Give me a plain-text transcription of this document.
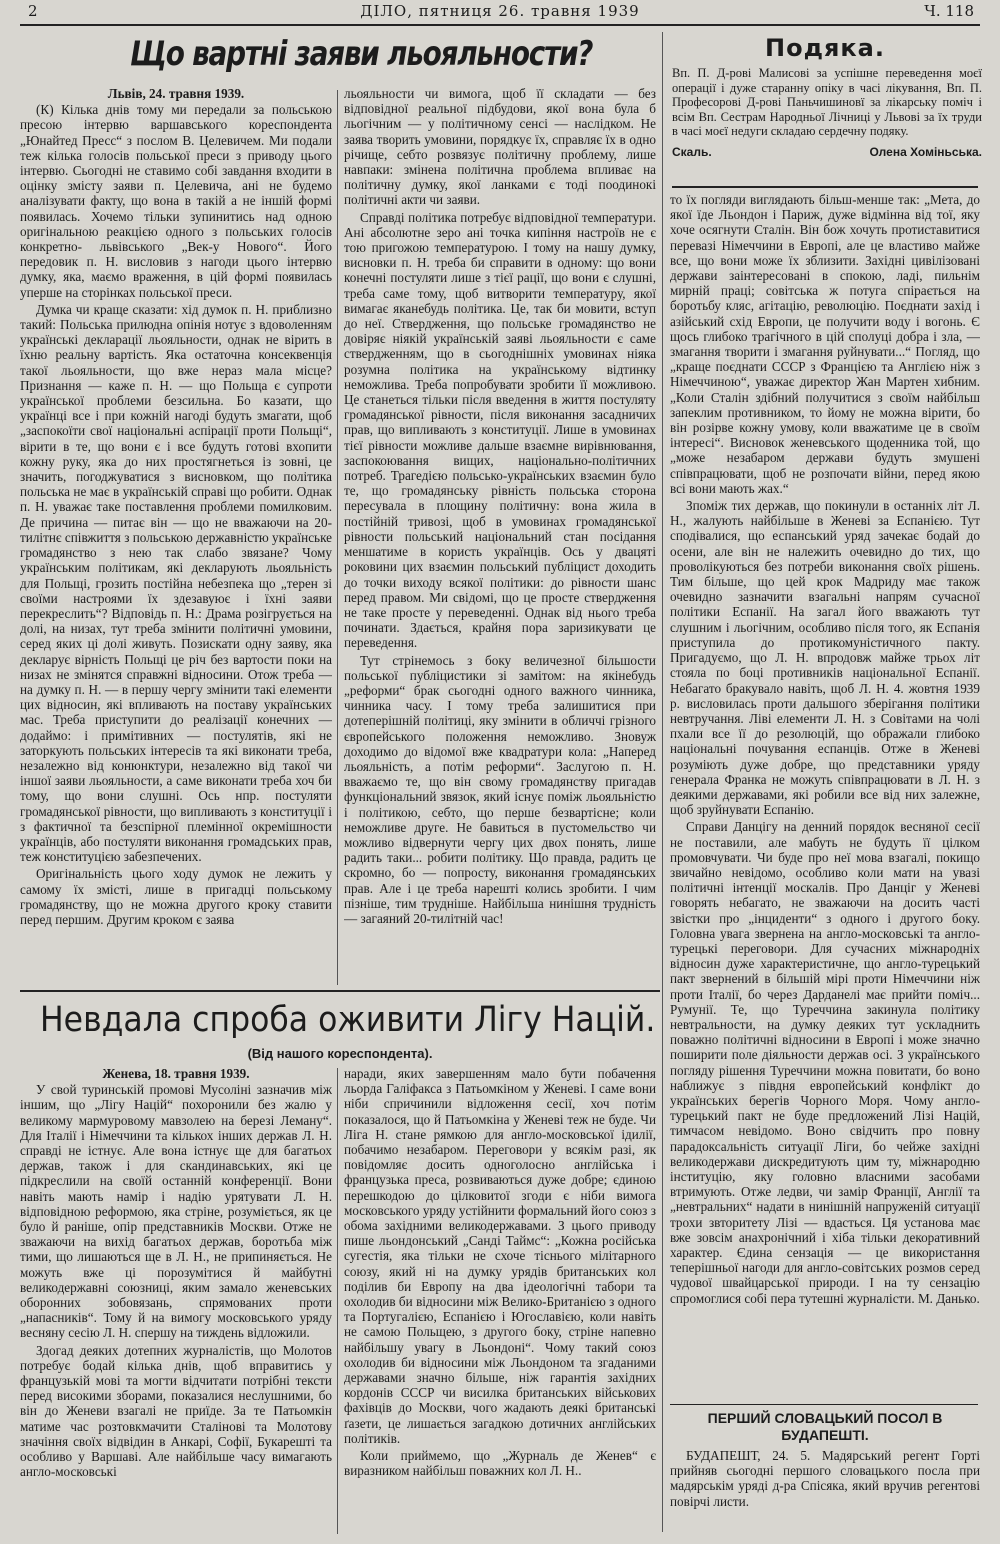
2	ДІЛО, пятниця 26. травня 1939	Ч. 118
Що вартні заяви льояльности?

Львів, 24. травня 1939.

(К) Кілька днів тому ми передали за польською пресою інтервю варшавського кореспондента „Юнайтед Пресс“ з послом В. Целевичем. Ми подали теж кілька голосів польської преси з приводу цього інтервю. Сьогодні не ставимо собі завдання входити в оцінку змісту заяви п. Целевича, ані не будемо аналізувати факту, що вона в такій а не іншій формі появилась. Хочемо тільки зупинитись над одною оригінальною реакцією одного з польських голосів конкретно- львівського „Век-у Нового“. Його передовик п. Н. висловив з нагоди цього інтервю думку, яка, маємо враження, в цій формі появилась уперше на сторінках польської преси.

Думка чи краще сказати: хід думок п. Н. приблизно такий: Польська прилюдна опінія нотує з вдоволенням українські декларації льояльности, однак не вірить в їхню реальну вартість. Яка остаточна консеквенція такої льояльности, що вже нераз мала місце? Признання — каже п. Н. — що Польща є супроти української проблеми безсильна. Бо казати, що українці все і при кожній нагоді будуть змагати, щоб „заспокоїти свої національні аспірації проти Польщі“, вірити в те, що вони є і все будуть готові вхопити кожну руку, яка до них простягнеться із зовні, це значить, погоджуватися з висновком, що політика польська не має в українській справі що робити. Однак п. Н. уважає таке поставлення проблеми помилковим. Де причина — питає він — що не вважаючи на 20-тилітнє співжиття з польською державністю українське громадянство з нею так слабо звязане? Чому українським політикам, які декларують льояльність для Польщі, грозить постійна небезпека що „терен зі своїми настроями їх здезавуює і їхні заяви перекреслить“? Відповідь п. Н.: Драма розігрується на долі, на низах, тут треба змінити політичні умовини, серед яких ці долі живуть. Позискати одну заяву, яка декларує вірність Польщі це річ без вартости поки на низах не змінятся справжні відносини. Отож треба — на думку п. Н. — в першу чергу змінити такі елементи цих відносин, які впливають на поставу українських мас. Треба приступити до реалізації конечних — додаймо: і примітивних — постулятів, які не заторкують польських інтересів та які виконати треба, незалежно від конюнктури, незалежно від такої чи іншої заяви льояльности, а саме виконати треба хоч би тому, що вони слушні. Ось нпр. постуляти громадянської рівности, що випливають з конституції і з фактичної та безспірної племінної окремішности українців, або постуляти виконання громадських прав, теж конституцією забезпечених.

Оригінальність цього ходу думок не лежить у самому їх змісті, лише в пригадці польському громадянству, що не можна другого кроку ставити перед першим. Другим кроком є заява

льояльности чи вимога, щоб її складати — без відповідної реальної підбудови, якої вона була б льогічним — у політичному сенсі — наслідком. Не заява творить умовини, порядкує їх, справляє їх в одно річище, себто розвязує політичну проблему, лише навпаки: змінена політична проблема впливає на політичну думку, якої ланками є тоді поодинокі політичні акти чи заяви.

Справді політика потребує відповідної температури. Ані абсолютне зеро ані точка кипіння настроїв не є тою пригожою температурою. І тому на нашу думку, висновки п. Н. треба би справити в одному: що вони конечні постуляти лише з тієї рації, що вони є слушні, треба саме тому, щоб витворити температуру, якої вимагає яканебудь політика. Це, так би мовити, вступ до неї. Ствердження, що польське громадянство не довіряє ніякій українській заяві льояльности є саме ствердженням, що в сьогоднішніх умовинах ніяка розумна політика на українському відтинку неможлива. Треба попробувати зробити її можливою. Це станеться тільки після введення в життя постуляту громадянської рівности, після виконання засадничих прав, що випливають з конституції. Лише в умовинах тієї рівности можливе дальше взаємне вирівнювання, заспокоювання вищих, національно-політичних потреб. Трагедією польсько-українських взаємин було те, що громадянську рівність польська сторона пересувала в площину політичну: вона жила в постійній тривозі, щоб в умовинах громадянської рівности польський національний стан посідання меншатиме в користь українців. Ось у двацяті роковини цих взаємин польський публіцист доходить до точки виходу всякої політики: до рівности шанс перед правом. Ми свідомі, що це просте ствердження не таке просте у переведенні. Однак від нього треба починати. Здається, крайня пора заризикувати це переведення.

Тут стрінемось з боку величезної більшости польської публіцистики зі замітом: на якінебудь „реформи“ брак сьогодні одного важного чинника, чинника часу. І тому треба залишитися при дотеперішній політиці, яку змінити в обличчі грізного європейського положення неможливо. Зновуж доходимо до відомої вже квадратури кола: „Наперед льояльність, а потім реформи“. Заслугою п. Н. вважаємо те, що він свому громадянству пригадав функціональний звязок, який існує поміж льояльністю і політикою, себто, що перше безвартісне; коли неможливе друге. Не бавиться в пустомельство чи можливо відвернути чергу цих двох понять, лише радить таки... робити політику. Що правда, радить це скромно, бо — попросту, виконання громадянських прав. Але і це треба нарешті колись зробити. І чим пізніше, тим трудніше. Найбільша нинішня трудність — загаяний 20-тилітній час!

Невдала спроба оживити Лігу Націй.
(Від нашого кореспондента).

Женева, 18. травня 1939.

У свой туринській промові Мусоліні зазначив між іншим, що „Лігу Націй“ похоронили без жалю у великому мармуровому мавзолею на березі Леману“. Для Італії і Німеччини та кількох інших держав Л. Н. справді не істнує. Але вона істнує ще для багатьох держав, також і для скандинавських, які це підкреслили на своїй останній конференції. Вони навіть мають намір і надію урятувати Л. Н. відповідною реформою, яка стріне, розуміється, як це було й раніше, опір представників Москви. Отже не зважаючи на вихід багатьох держав, боротьба між тими, що лишаються ще в Л. Н., не припиняється. Не можуть вже ці порозумітися й майбутні великодержавні союзниці, яким замало женевських оборонних зобовязань, спрямованих проти „напасників“. Тому й на вимогу московського уряду весняну сесію Л. Н. спершу на тиждень відложили.

Здогад деяких дотепних журналістів, що Молотов потребує бодай кілька днів, щоб вправитись у французькій мові та могти відчитати потрібні тексти перед високими зборами, показалися неслушними, бо він до Женеви взагалі не приїде. За те Патьомкін матиме час розтовкмачити Сталінові та Молотову значіння своїх відвідин в Анкарі, Софії, Букарешті та особливо у Варшаві. Але найбільше часу вимагають англо-московські

наради, яких завершенням мало бути побачення льорда Галіфакса з Патьомкіном у Женеві. І саме вони ніби спричинили відложення сесії, хоч потім показалося, що й Патьомкіна у Женеві теж не буде. Чи Ліга Н. стане рямкою для англо-московської ідилії, побачимо незабаром. Переговори у всякім разі, як повідомляє досить одноголосно англійська і французька преса, розвиваються дуже добре; єдиною перешкодою до цілковитої згоди є ніби вимога московського уряду устійнити формальний його союз з обома західними великодержавами. З цього приводу пише льондонський „Санді Таймс“: „Кожна російська сугестія, яка тільки не схоче тіснього мілітарного союзу, який ні на думку урядів британських кол поділив би Европу на два ідеологічні табори та охолодив би відносини між Велико-Британією з одного та Португалією, Еспанією і Югославією, коли навіть не самою Польщею, з другого боку, стріне напевно найбільшу увагу в Льондоні“. Чому такий союз охолодив би відносини між Льондоном та згаданими державами значно більше, ніж гарантія західних кордонів СССР чи висилка британських військових фахівців до Москви, чого жадають деякі британські ґазети, це лишається загадкою дотичних англійських політиків.

Коли приймемо, що „Журналь де Женев“ є виразником найбільш поважних кол Л. Н..

Подяка.
Вп. П. Д-рові Малисові за успішне переведення моєї операції і дуже старанну опіку в часі лікування, Вп. П. Професорові Д-рові Паньчишиновї за лікарську поміч і всім Вп. Сестрам Народньої Лічниці у Львові за їх труди в часі моєї недуги складаю сердечну подяку.
Скаль.	Олена Хоміньська.

то їх погляди виглядають більш-менше так: „Мета, до якої їде Льондон і Париж, дуже відмінна від тої, яку хоче осягнути Сталін. Він бож хочуть протиставитися перевазі Німеччини в Европі, але це властиво майже все, що вони може їх зблизити. Західні цивілізовані держави заінтересовані в спокою, ладі, пильнім мирній праці; совітська ж потуга спірається на боротьбу кляс, агітацію, революцію. Поєднати захід і азійський схід Европи, це получити воду і вогонь. Є щось глибоко трагічного в цій сполуці добра і зла, — змагання творити і змагання руйнувати...“ Погляд, що „краще поєднати СССР з Францією та Англією ніж з Німеччиною“, уважає директор Жан Мартен хибним. „Коли Сталін здібний получитися з своїм найбільш запеклим противником, то йому не можна вірити, бо він розірве кожну умову, коли вважатиме це в своїм інтересі“. Висновок женевського щоденника той, що „може незабаром держави будуть змушені співпрацювати, щоб не розпочати війни, перед якою всі вони мають жах.“

Зпоміж тих держав, що покинули в останніх літ Л. Н., жалують найбільше в Женеві за Еспанією. Тут сподівалися, що еспанський уряд зачекає бодай до осени, але він не належить очевидно до тих, що проволікуються без потреби виконання своїх рішень. Тим більше, що цей крок Мадриду має також очевидно зазначити взагальні напрям сучасної політики Еспанії. На загал його вважають тут слушним і льогічним, особливо після того, як Еспанія приступила до протикомуністичного пакту. Пригадуємо, що Л. Н. впродовж майже трьох літ стояла по боці противників національної Еспанії. Небагато бракувало навіть, щоб Л. Н. 4. жовтня 1939 р. висловилась проти дальшого зберігання політики невтручання. Ліві елементи Л. Н. з Совітами на чолі пхали все її до резолюцій, що ображали глибоко національні почування еспанців. Отже в Женеві розуміють дуже добре, що представники уряду генерала Франка не можуть співпрацювати в Л. Н. з деякими державами, які робили все від них залежне, щоб зруйнувати Еспанію.

Справи Данцігу на денний порядок весняної сесії не поставили, але мабуть не будуть її цілком промовчувати. Чи буде про неї мова взагалі, покищо звичайно невідомо, особливо коли мати на увазі політичні інтенції москалів. Про Данціг у Женеві говорять небагато, не зважаючи на досить часті звістки про „інциденти“ з одного і другого боку. Головна увага звернена на англо-московські та англо-турецькі переговори. Для сучасних міжнародніх відносин дуже характеристичне, що англо-турецький пакт звернений в більшій мірі проти Німеччини ніж проти Італії, бо через Дарданелі має прийти поміч... Румунії. Те, що Туреччина закинула політику невтральности, на думку деяких тут ускладнить поважно політичні відносини в Европі і може значно поширити поле діяльности держав осі. З українського погляду рішення Туреччини можна повитати, бо воно наближує з півдня европейський конфлікт до українських берегів Чорного Моря. Чому англо-турецький пакт не буде предложений Лізі Націй, тимчасом невідомо. Воно свідчить про повну парадоксальність ситуації Ліги, бо чейже західні великодержави дискредитують цим ту, міжнародню інституцію, яку головно власними засобами втримують. Отже ледви, чи замір Франції, Англії та „невтральних“ надати в нинішній напруженій ситуації трохи звторитету Лізі — вдасться. Ця установа має вже зовсім анахронічний і хіба тільки декоративний характер. Єдина сензація — це використання теперішньої нагоди для англо-совітських розмов серед чудової швайцарської природи. І на ту сензацію спромоглися собі пера тутешні журналісти. М. Данько.

ПЕРШИЙ СЛОВАЦЬКИЙ ПОСОЛ В БУДАПЕШТІ.

БУДАПЕШТ, 24. 5. Мадярський регент Горті прийняв сьогодні першого словацького посла при мадярськім уряді д-ра Спісяка, який вручив регентові повірчі листи.
